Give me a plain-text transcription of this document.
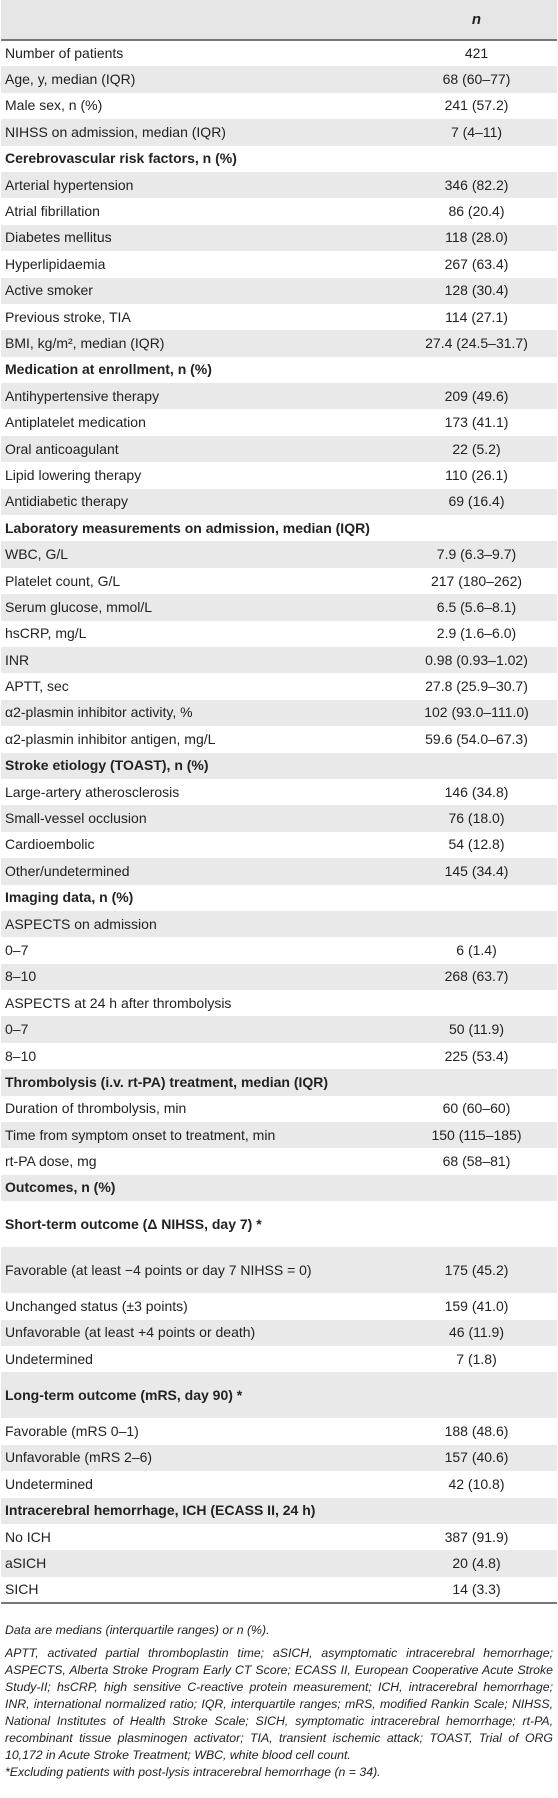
	n
Number of patients	421
Age, y, median (IQR)	68 (60–77)
Male sex, n (%)	241 (57.2)
NIHSS on admission, median (IQR)	7 (4–11)
Cerebrovascular risk factors, n (%)	
Arterial hypertension	346 (82.2)
Atrial fibrillation	86 (20.4)
Diabetes mellitus	118 (28.0)
Hyperlipidaemia	267 (63.4)
Active smoker	128 (30.4)
Previous stroke, TIA	114 (27.1)
BMI, kg/m², median (IQR)	27.4 (24.5–31.7)
Medication at enrollment, n (%)	
Antihypertensive therapy	209 (49.6)
Antiplatelet medication	173 (41.1)
Oral anticoagulant	22 (5.2)
Lipid lowering therapy	110 (26.1)
Antidiabetic therapy	69 (16.4)
Laboratory measurements on admission, median (IQR)	
WBC, G/L	7.9 (6.3–9.7)
Platelet count, G/L	217 (180–262)
Serum glucose, mmol/L	6.5 (5.6–8.1)
hsCRP, mg/L	2.9 (1.6–6.0)
INR	0.98 (0.93–1.02)
APTT, sec	27.8 (25.9–30.7)
α2-plasmin inhibitor activity, %	102 (93.0–111.0)
α2-plasmin inhibitor antigen, mg/L	59.6 (54.0–67.3)
Stroke etiology (TOAST), n (%)	
Large-artery atherosclerosis	146 (34.8)
Small-vessel occlusion	76 (18.0)
Cardioembolic	54 (12.8)
Other/undetermined	145 (34.4)
Imaging data, n (%)	
ASPECTS on admission	
0–7	6 (1.4)
8–10	268 (63.7)
ASPECTS at 24 h after thrombolysis	
0–7	50 (11.9)
8–10	225 (53.4)
Thrombolysis (i.v. rt-PA) treatment, median (IQR)	
Duration of thrombolysis, min	60 (60–60)
Time from symptom onset to treatment, min	150 (115–185)
rt-PA dose, mg	68 (58–81)
Outcomes, n (%)	
Short-term outcome (Δ NIHSS, day 7) *	
Favorable (at least −4 points or day 7 NIHSS = 0)	175 (45.2)
Unchanged status (±3 points)	159 (41.0)
Unfavorable (at least +4 points or death)	46 (11.9)
Undetermined	7 (1.8)
Long-term outcome (mRS, day 90) *	
Favorable (mRS 0–1)	188 (48.6)
Unfavorable (mRS 2–6)	157 (40.6)
Undetermined	42 (10.8)
Intracerebral hemorrhage, ICH (ECASS II, 24 h)	
No ICH	387 (91.9)
aSICH	20 (4.8)
SICH	14 (3.3)

Data are medians (interquartile ranges) or n (%).

APTT, activated partial thromboplastin time; aSICH, asymptomatic intracerebral hemorrhage; ASPECTS, Alberta Stroke Program Early CT Score; ECASS II, European Cooperative Acute Stroke Study-II; hsCRP, high sensitive C-reactive protein measurement; ICH, intracerebral hemorrhage; INR, international normalized ratio; IQR, interquartile ranges; mRS, modified Rankin Scale; NIHSS, National Institutes of Health Stroke Scale; SICH, symptomatic intracerebral hemorrhage; rt-PA, recombinant tissue plasminogen activator; TIA, transient ischemic attack; TOAST, Trial of ORG 10,172 in Acute Stroke Treatment; WBC, white blood cell count.

*Excluding patients with post-lysis intracerebral hemorrhage (n = 34).
